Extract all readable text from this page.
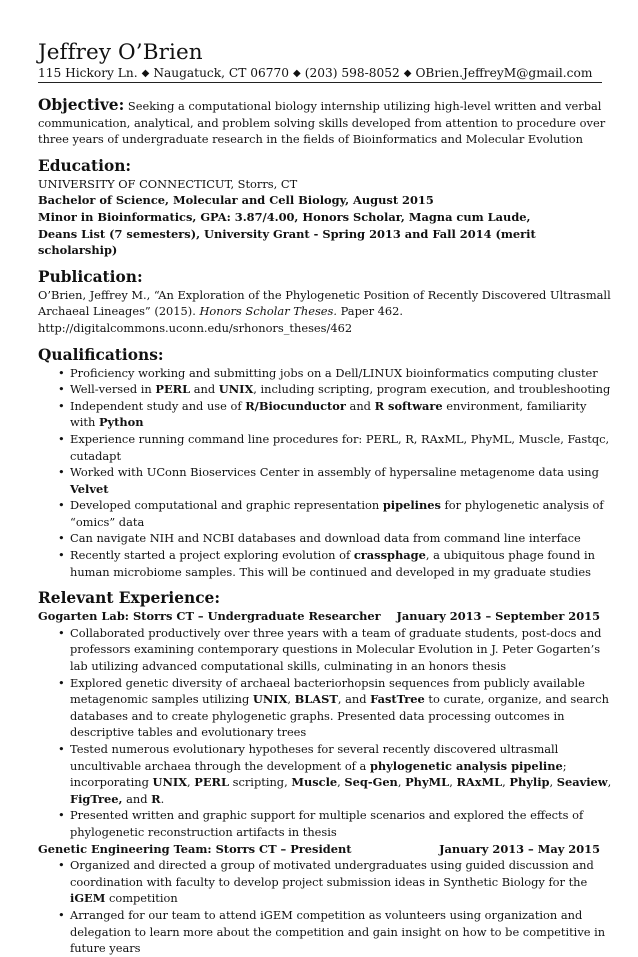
Jeffrey O’Brien
115 Hickory Ln. ◆ Naugatuck, CT 06770 ◆ (203) 598-8052 ◆ OBrien.JeffreyM@gmail.com
Objective: Seeking a computational biology internship utilizing high-level written and verbal communication, analytical, and problem solving skills developed from attention to procedure over three years of undergraduate research in the fields of Bioinformatics and Molecular Evolution
Education:
UNIVERSITY OF CONNECTICUT, Storrs, CT
Bachelor of Science, Molecular and Cell Biology, August 2015
Minor in Bioinformatics, GPA: 3.87/4.00, Honors Scholar, Magna cum Laude,
Deans List (7 semesters), University Grant - Spring 2013 and Fall 2014 (merit scholarship)
Publication:
O’Brien, Jeffrey M., “An Exploration of the Phylogenetic Position of Recently Discovered Ultrasmall Archaeal Lineages” (2015). Honors Scholar Theses. Paper 462. http://digitalcommons.uconn.edu/srhonors_theses/462
Qualifications:
• Proficiency working and submitting jobs on a Dell/LINUX bioinformatics computing cluster
• Well-versed in PERL and UNIX, including scripting, program execution, and troubleshooting
• Independent study and use of R/Biocunductor and R software environment, familiarity with Python
• Experience running command line procedures for: PERL, R, RAxML, PhyML, Muscle, Fastqc, cutadapt
• Worked with UConn Bioservices Center in assembly of hypersaline metagenome data using Velvet
• Developed computational and graphic representation pipelines for phylogenetic analysis of “omics” data
• Can navigate NIH and NCBI databases and download data from command line interface
• Recently started a project exploring evolution of crassphage, a ubiquitous phage found in human microbiome samples. This will be continued and developed in my graduate studies
Relevant Experience:
Gogarten Lab: Storrs CT – Undergraduate Researcher January 2013 – September 2015
• Collaborated productively over three years with a team of graduate students, post-docs and professors examining contemporary questions in Molecular Evolution in J. Peter Gogarten’s lab utilizing advanced computational skills, culminating in an honors thesis
• Explored genetic diversity of archaeal bacteriorhopsin sequences from publicly available metagenomic samples utilizing UNIX, BLAST, and FastTree to curate, organize, and search databases and to create phylogenetic graphs. Presented data processing outcomes in descriptive tables and evolutionary trees
• Tested numerous evolutionary hypotheses for several recently discovered ultrasmall uncultivable archaea through the development of a phylogenetic analysis pipeline; incorporating UNIX, PERL scripting, Muscle, Seq-Gen, PhyML, RAxML, Phylip, Seaview, FigTree, and R.
• Presented written and graphic support for multiple scenarios and explored the effects of phylogenetic reconstruction artifacts in thesis
Genetic Engineering Team: Storrs CT – President	January 2013 – May 2015
• Organized and directed a group of motivated undergraduates using guided discussion and coordination with faculty to develop project submission ideas in Synthetic Biology for the iGEM competition
• Arranged for our team to attend iGEM competition as volunteers using organization and delegation to learn more about the competition and gain insight on how to be competitive in future years
